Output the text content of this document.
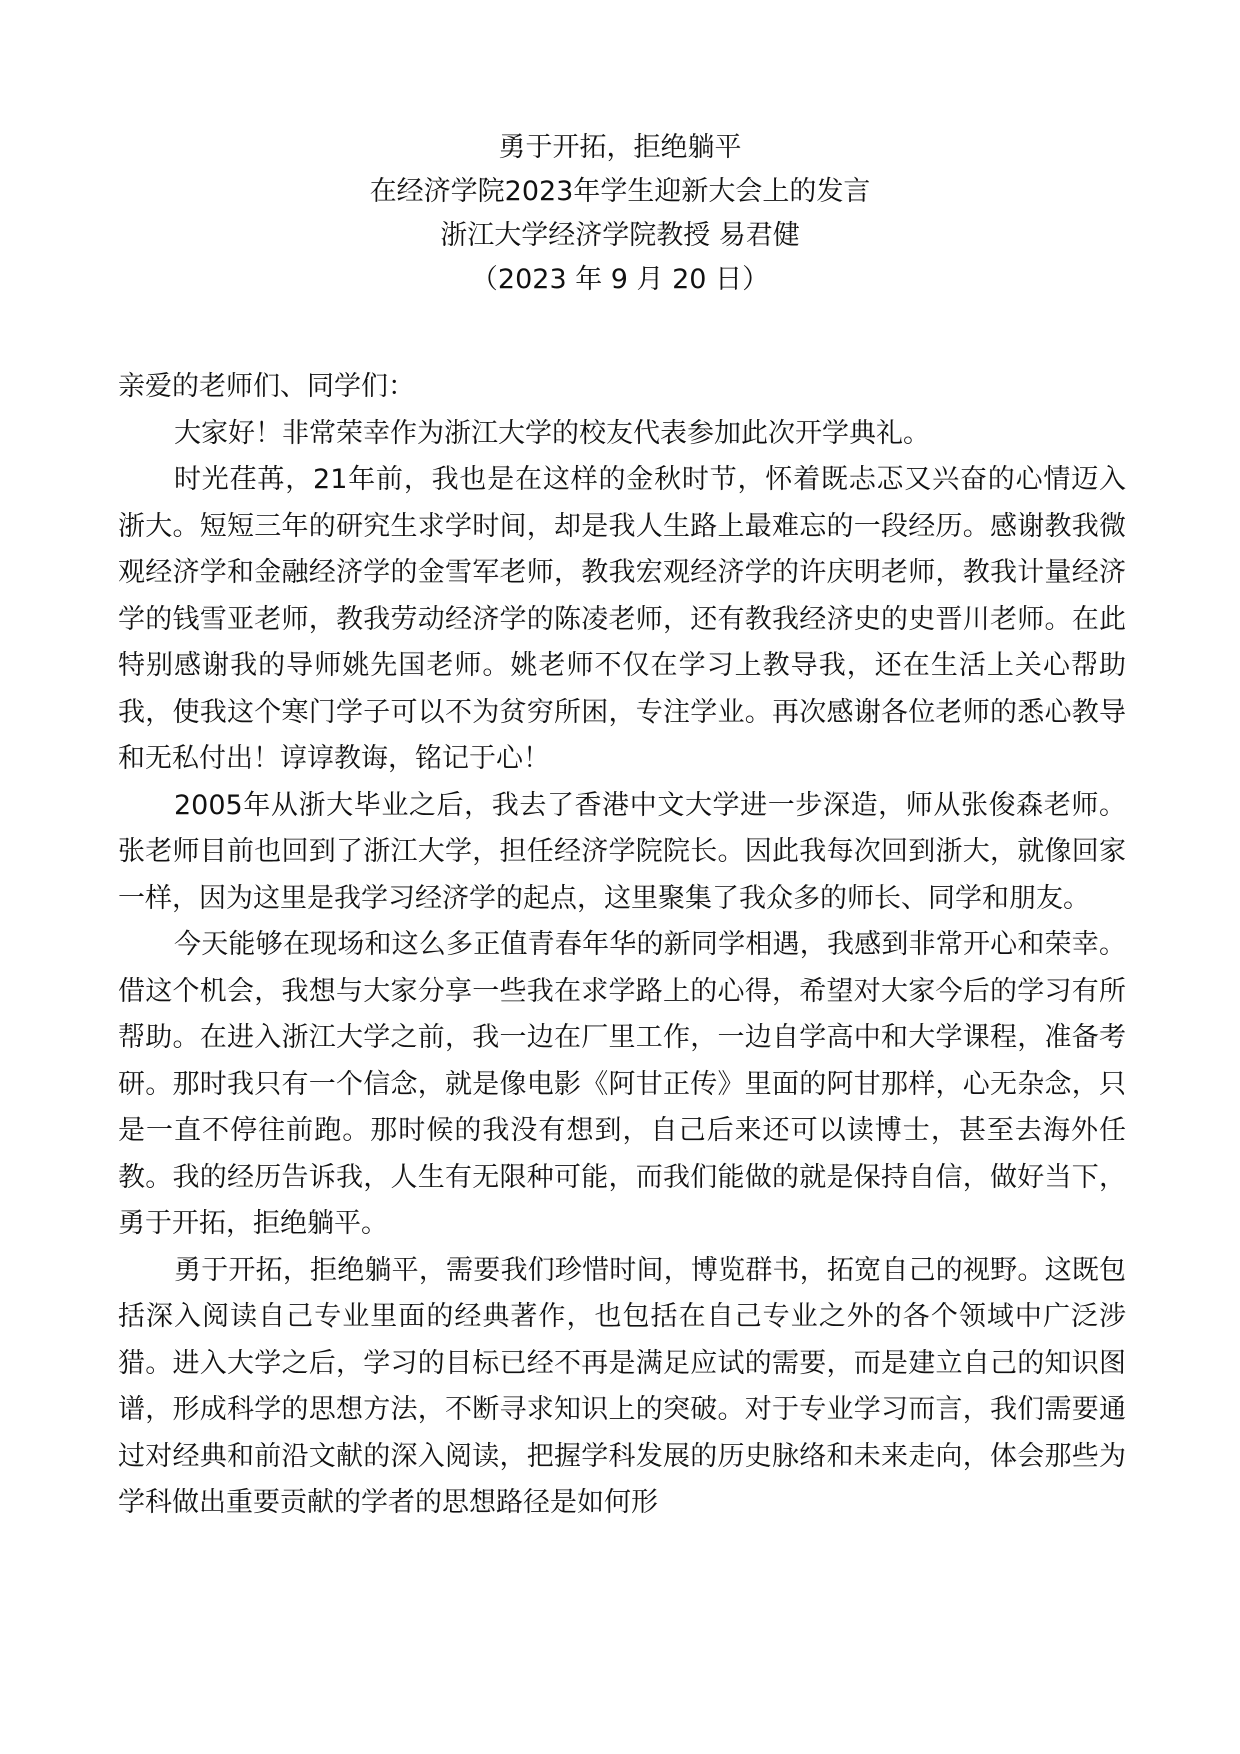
勇于开拓，拒绝躺平
在经济学院2023年学生迎新大会上的发言
浙江大学经济学院教授 易君健
（2023 年 9 月 20 日）

亲爱的老师们、同学们：

大家好！非常荣幸作为浙江大学的校友代表参加此次开学典礼。

时光荏苒，21年前，我也是在这样的金秋时节，怀着既忐忑又兴奋的心情迈入浙大。短短三年的研究生求学时间，却是我人生路上最难忘的一段经历。感谢教我微观经济学和金融经济学的金雪军老师，教我宏观经济学的许庆明老师，教我计量经济学的钱雪亚老师，教我劳动经济学的陈凌老师，还有教我经济史的史晋川老师。在此特别感谢我的导师姚先国老师。姚老师不仅在学习上教导我，还在生活上关心帮助我，使我这个寒门学子可以不为贫穷所困，专注学业。再次感谢各位老师的悉心教导和无私付出！谆谆教诲，铭记于心！

2005年从浙大毕业之后，我去了香港中文大学进一步深造，师从张俊森老师。张老师目前也回到了浙江大学，担任经济学院院长。因此我每次回到浙大，就像回家一样，因为这里是我学习经济学的起点，这里聚集了我众多的师长、同学和朋友。

今天能够在现场和这么多正值青春年华的新同学相遇，我感到非常开心和荣幸。借这个机会，我想与大家分享一些我在求学路上的心得，希望对大家今后的学习有所帮助。在进入浙江大学之前，我一边在厂里工作，一边自学高中和大学课程，准备考研。那时我只有一个信念，就是像电影《阿甘正传》里面的阿甘那样，心无杂念，只是一直不停往前跑。那时候的我没有想到，自己后来还可以读博士，甚至去海外任教。我的经历告诉我，人生有无限种可能，而我们能做的就是保持自信，做好当下，勇于开拓，拒绝躺平。

勇于开拓，拒绝躺平，需要我们珍惜时间，博览群书，拓宽自己的视野。这既包括深入阅读自己专业里面的经典著作，也包括在自己专业之外的各个领域中广泛涉猎。进入大学之后，学习的目标已经不再是满足应试的需要，而是建立自己的知识图谱，形成科学的思想方法，不断寻求知识上的突破。对于专业学习而言，我们需要通过对经典和前沿文献的深入阅读，把握学科发展的历史脉络和未来走向，体会那些为学科做出重要贡献的学者的思想路径是如何形
